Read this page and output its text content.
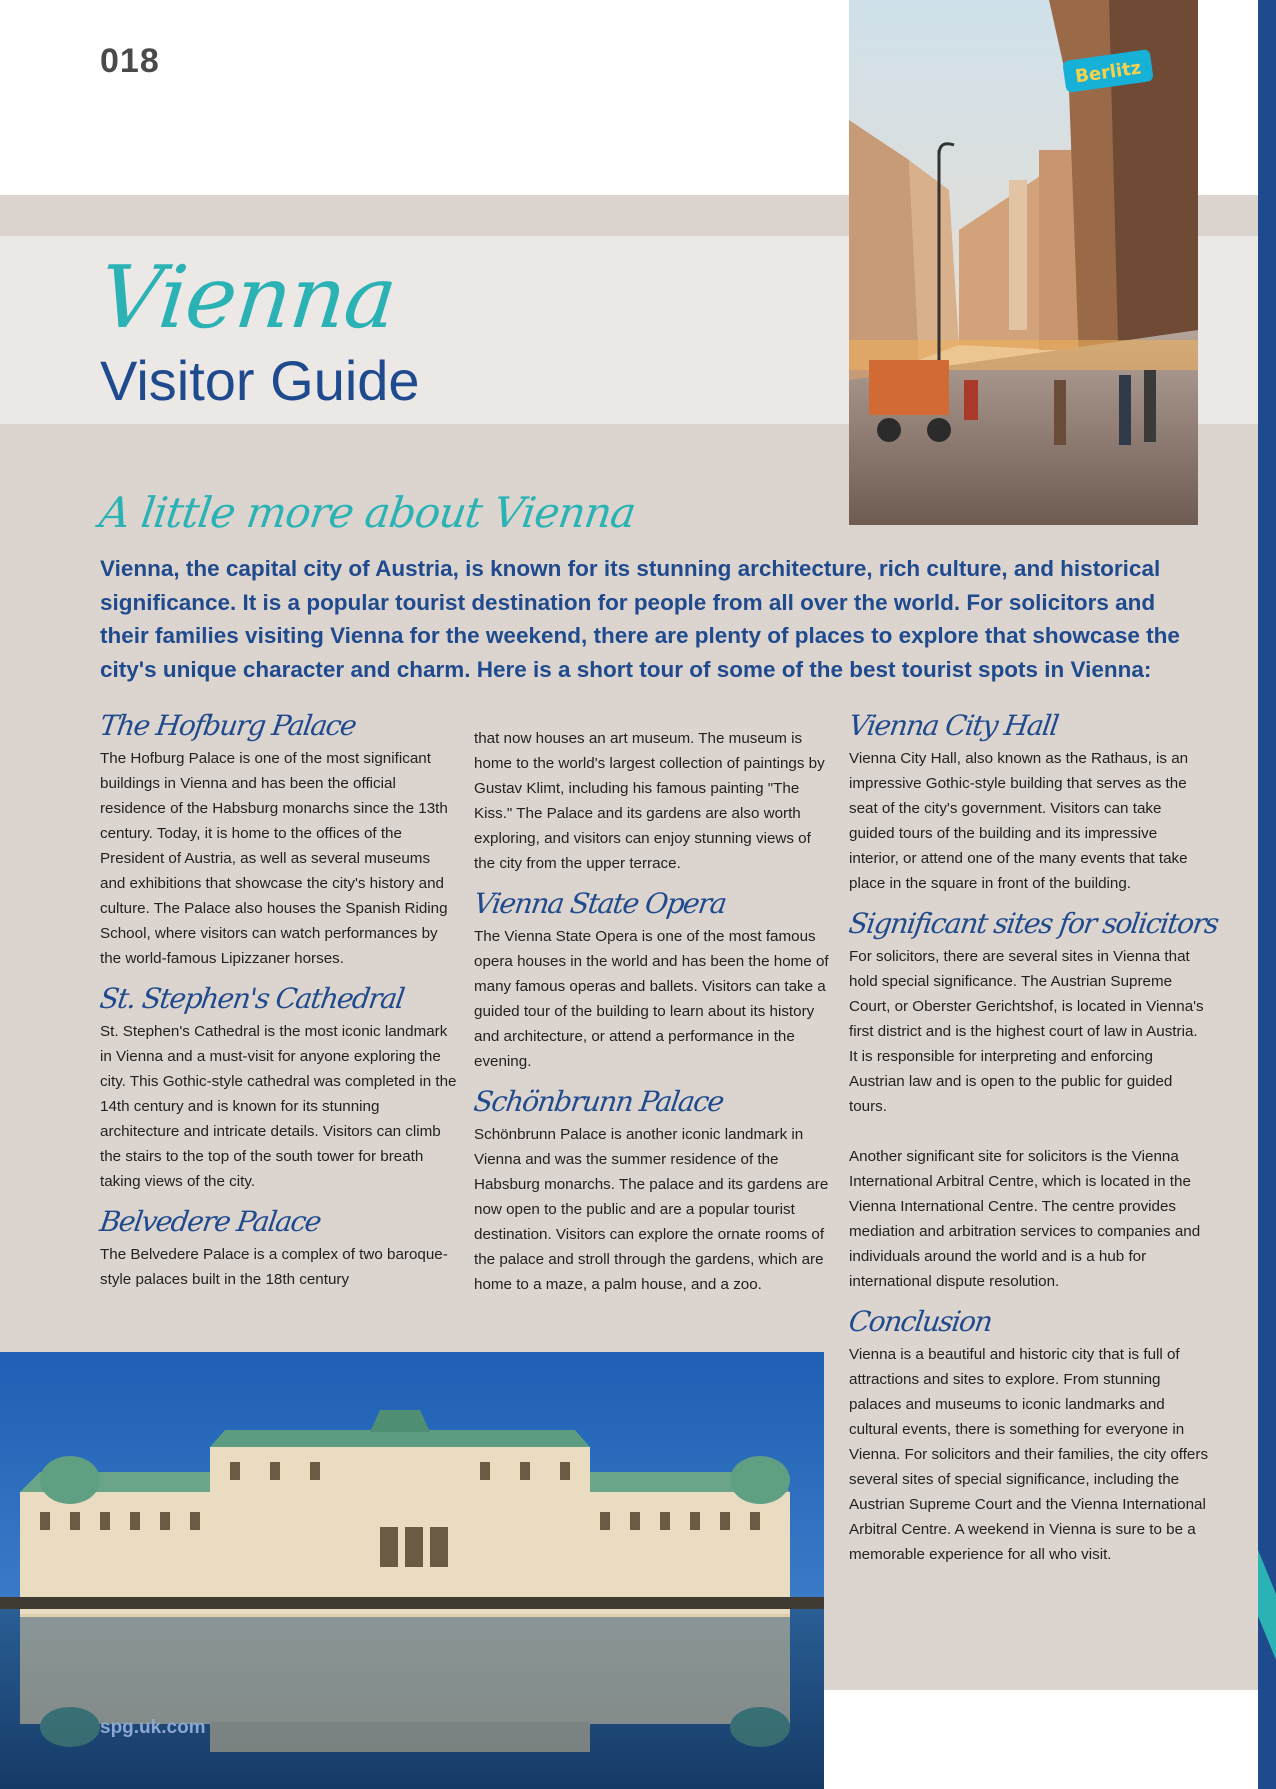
018
Vienna
Visitor Guide
Berlitz
A little more about Vienna
Vienna, the capital city of Austria, is known for its stunning architecture, rich culture, and historical significance. It is a popular tourist destination for people from all over the world. For solicitors and their families visiting Vienna for the weekend, there are plenty of places to explore that showcase the city's unique character and charm. Here is a short tour of some of the best tourist spots in Vienna:
The Hofburg Palace

The Hofburg Palace is one of the most significant buildings in Vienna and has been the official residence of the Habsburg monarchs since the 13th century. Today, it is home to the offices of the President of Austria, as well as several museums and exhibitions that showcase the city's history and culture. The Palace also houses the Spanish Riding School, where visitors can watch performances by the world-famous Lipizzaner horses.

St. Stephen's Cathedral

St. Stephen's Cathedral is the most iconic landmark in Vienna and a must-visit for anyone exploring the city. This Gothic-style cathedral was completed in the 14th century and is known for its stunning architecture and intricate details. Visitors can climb the stairs to the top of the south tower for breath taking views of the city.

Belvedere Palace

The Belvedere Palace is a complex of two baroque-style palaces built in the 18th century

that now houses an art museum. The museum is home to the world's largest collection of paintings by Gustav Klimt, including his famous painting "The Kiss." The Palace and its gardens are also worth exploring, and visitors can enjoy stunning views of the city from the upper terrace.

Vienna State Opera

The Vienna State Opera is one of the most famous opera houses in the world and has been the home of many famous operas and ballets. Visitors can take a guided tour of the building to learn about its history and architecture, or attend a performance in the evening.

Schönbrunn Palace

Schönbrunn Palace is another iconic landmark in Vienna and was the summer residence of the Habsburg monarchs. The palace and its gardens are now open to the public and are a popular tourist destination. Visitors can explore the ornate rooms of the palace and stroll through the gardens, which are home to a maze, a palm house, and a zoo.

Vienna City Hall

Vienna City Hall, also known as the Rathaus, is an impressive Gothic-style building that serves as the seat of the city's government. Visitors can take guided tours of the building and its impressive interior, or attend one of the many events that take place in the square in front of the building.

Significant sites for solicitors

For solicitors, there are several sites in Vienna that hold special significance. The Austrian Supreme Court, or Oberster Gerichtshof, is located in Vienna's first district and is the highest court of law in Austria. It is responsible for interpreting and enforcing Austrian law and is open to the public for guided tours.

Another significant site for solicitors is the Vienna International Arbitral Centre, which is located in the Vienna International Centre. The centre provides mediation and arbitration services to companies and individuals around the world and is a hub for international dispute resolution.

Conclusion

Vienna is a beautiful and historic city that is full of attractions and sites to explore. From stunning palaces and museums to iconic landmarks and cultural events, there is something for everyone in Vienna. For solicitors and their families, the city offers several sites of special significance, including the Austrian Supreme Court and the Vienna International Arbitral Centre. A weekend in Vienna is sure to be a memorable experience for all who visit.

spg.uk.com
